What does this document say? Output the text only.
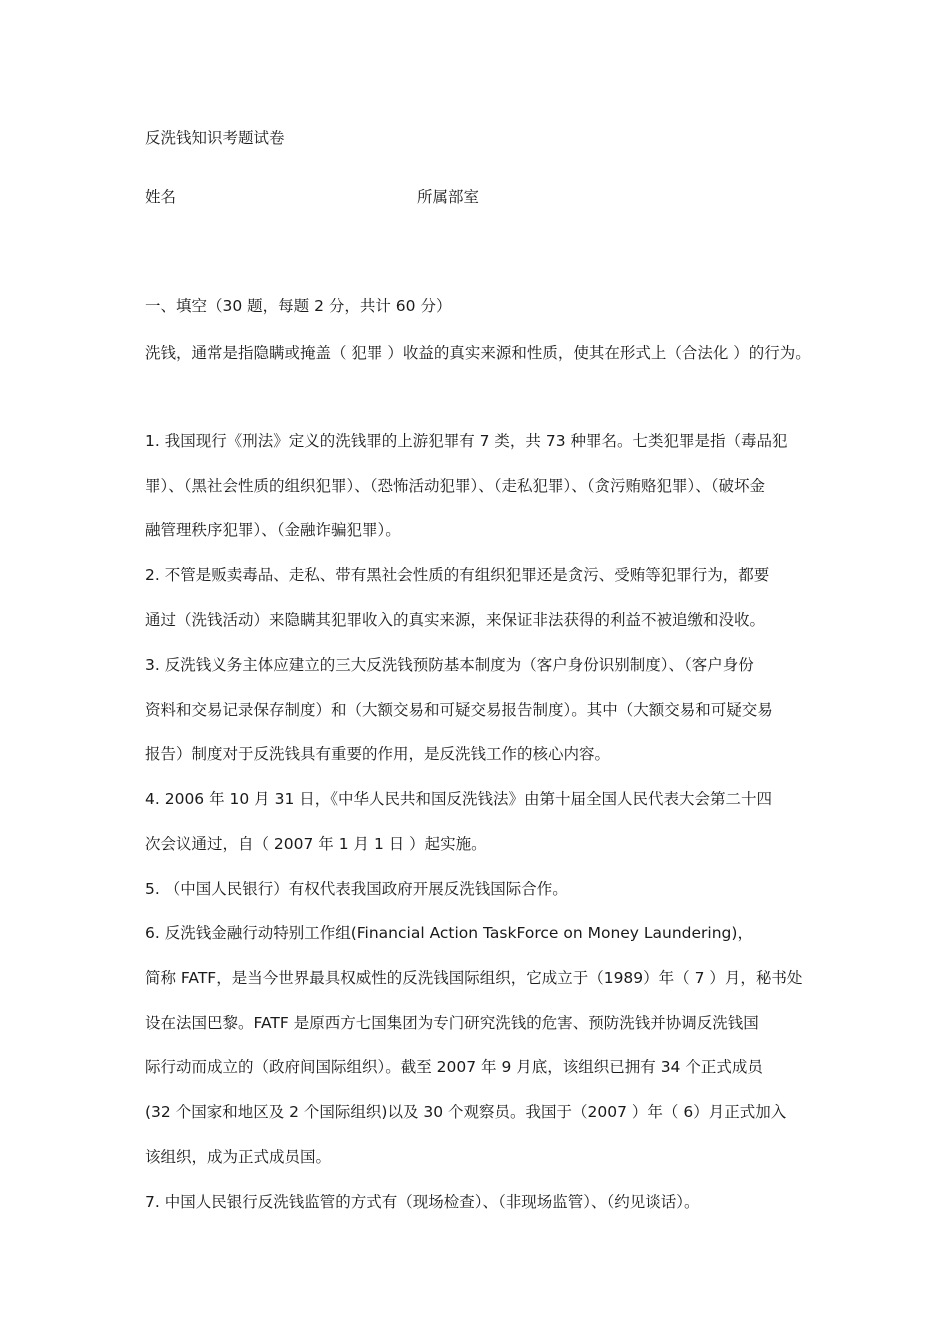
反洗钱知识考题试卷
姓名	所属部室
一、填空（30 题，每题 2 分，共计 60 分）
洗钱，通常是指隐瞒或掩盖（ 犯罪 ）收益的真实来源和性质，使其在形式上（合法化 ）的行为。
1. 我国现行《刑法》定义的洗钱罪的上游犯罪有 7 类，共 73 种罪名。七类犯罪是指（毒品犯
罪）、（黑社会性质的组织犯罪）、（恐怖活动犯罪）、（走私犯罪）、（贪污贿赂犯罪）、（破坏金
融管理秩序犯罪）、（金融诈骗犯罪）。
2. 不管是贩卖毒品、走私、带有黑社会性质的有组织犯罪还是贪污、受贿等犯罪行为，都要
通过（洗钱活动）来隐瞒其犯罪收入的真实来源，来保证非法获得的利益不被追缴和没收。
3. 反洗钱义务主体应建立的三大反洗钱预防基本制度为（客户身份识别制度）、（客户身份
资料和交易记录保存制度）和（大额交易和可疑交易报告制度）。其中（大额交易和可疑交易
报告）制度对于反洗钱具有重要的作用，是反洗钱工作的核心内容。
4. 2006 年 10 月 31 日，《中华人民共和国反洗钱法》由第十届全国人民代表大会第二十四
次会议通过，自（ 2007 年 1 月 1 日 ）起实施。
5. （中国人民银行）有权代表我国政府开展反洗钱国际合作。
6. 反洗钱金融行动特别工作组(Financial Action TaskForce on Money Laundering)，
简称 FATF，是当今世界最具权威性的反洗钱国际组织，它成立于（1989）年（ 7 ）月，秘书处
设在法国巴黎。FATF 是原西方七国集团为专门研究洗钱的危害、预防洗钱并协调反洗钱国
际行动而成立的（政府间国际组织）。截至 2007 年 9 月底，该组织已拥有 34 个正式成员
(32 个国家和地区及 2 个国际组织)以及 30 个观察员。我国于（2007 ）年（ 6）月正式加入
该组织，成为正式成员国。
7. 中国人民银行反洗钱监管的方式有（现场检查）、（非现场监管）、（约见谈话）。
